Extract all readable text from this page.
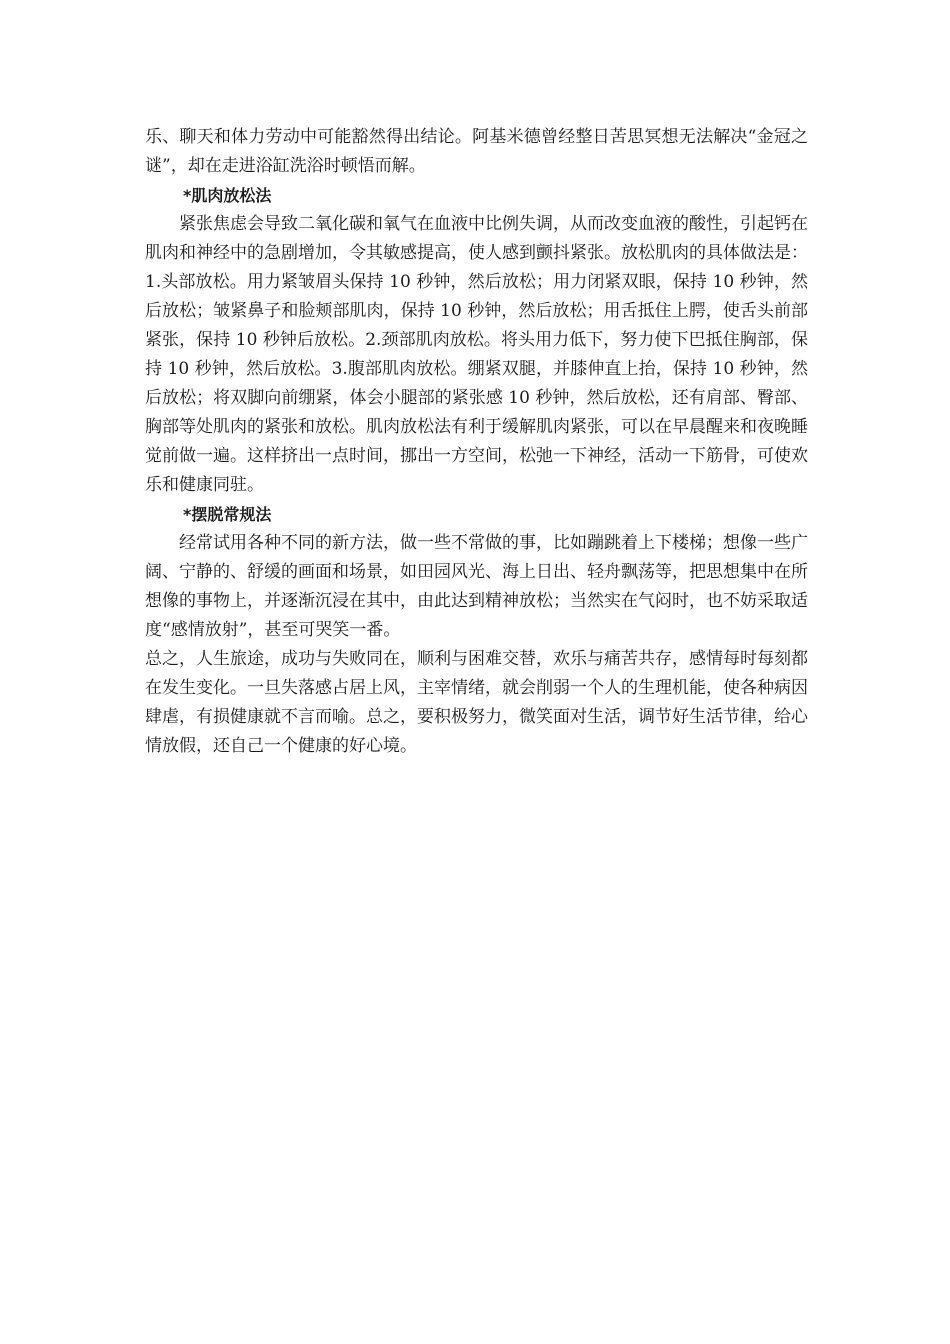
乐、聊天和体力劳动中可能豁然得出结论。阿基米德曾经整日苦思冥想无法解决“金冠之谜”，却在走进浴缸洗浴时顿悟而解。

*肌肉放松法

紧张焦虑会导致二氧化碳和氧气在血液中比例失调，从而改变血液的酸性，引起钙在肌肉和神经中的急剧增加，令其敏感提高，使人感到颤抖紧张。放松肌肉的具体做法是：1.头部放松。用力紧皱眉头保持 10 秒钟，然后放松；用力闭紧双眼，保持 10 秒钟，然后放松；皱紧鼻子和脸颊部肌肉，保持 10 秒钟，然后放松；用舌抵住上腭，使舌头前部紧张，保持 10 秒钟后放松。2.颈部肌肉放松。将头用力低下，努力使下巴抵住胸部，保持 10 秒钟，然后放松。3.腹部肌肉放松。绷紧双腿，并膝伸直上抬，保持 10 秒钟，然后放松；将双脚向前绷紧，体会小腿部的紧张感 10 秒钟，然后放松，还有肩部、臀部、胸部等处肌肉的紧张和放松。肌肉放松法有利于缓解肌肉紧张，可以在早晨醒来和夜晚睡觉前做一遍。这样挤出一点时间，挪出一方空间，松弛一下神经，活动一下筋骨，可使欢乐和健康同驻。

*摆脱常规法

经常试用各种不同的新方法，做一些不常做的事，比如蹦跳着上下楼梯；想像一些广阔、宁静的、舒缓的画面和场景，如田园风光、海上日出、轻舟飘荡等，把思想集中在所想像的事物上，并逐渐沉浸在其中，由此达到精神放松；当然实在气闷时，也不妨采取适度“感情放射”，甚至可哭笑一番。

总之，人生旅途，成功与失败同在，顺利与困难交替，欢乐与痛苦共存，感情每时每刻都在发生变化。一旦失落感占居上风，主宰情绪，就会削弱一个人的生理机能，使各种病因肆虐，有损健康就不言而喻。总之，要积极努力，微笑面对生活，调节好生活节律，给心情放假，还自己一个健康的好心境。
